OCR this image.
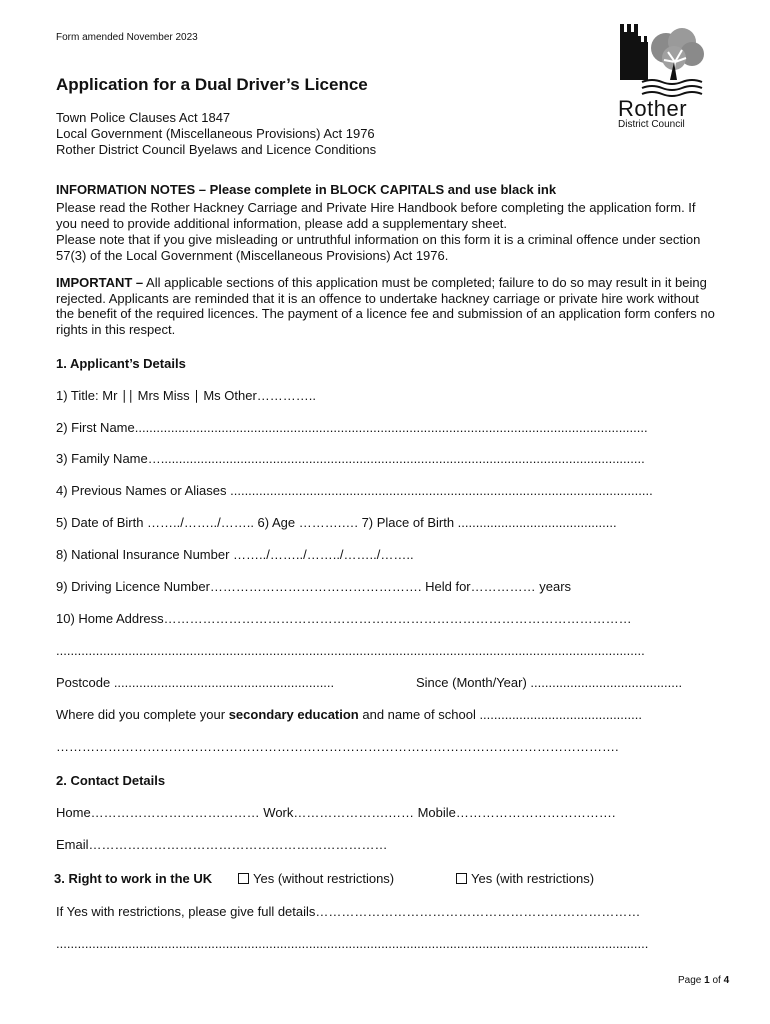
Form amended November 2023
Rother
District Council
Application for a Dual Driver’s Licence
Town Police Clauses Act 1847
Local Government (Miscellaneous Provisions) Act 1976
Rother District Council Byelaws and Licence Conditions
INFORMATION NOTES – Please complete in BLOCK CAPITALS and use black ink
Please read the Rother Hackney Carriage and Private Hire Handbook before completing the application form. If you need to provide additional information, please add a supplementary sheet.
Please note that if you give misleading or untruthful information on this form it is a criminal offence under section 57(3) of the Local Government (Miscellaneous Provisions) Act 1976.
IMPORTANT – All applicable sections of this application must be completed; failure to do so may result in it being rejected. Applicants are reminded that it is an offence to undertake hackney carriage or private hire work without the benefit of the required licences. The payment of a licence fee and submission of an application form confers no rights in this respect.
1. Applicant’s Details
1) Title: Mr ∣∣ Mrs Miss ∣ Ms Other…………..
2) First Name..............................................................................................................................................
3) Family Name…......................................................................................................................................
4) Previous Names or Aliases .....................................................................................................................
5) Date of Birth ……../……../…….. 6) Age ……….…. 7) Place of Birth ............................................
8) National Insurance Number ……../……../……../……../……..
9) Driving Licence Number…………………………………………. Held for…………… years
10) Home Address………………………………………………………………………………………………
...................................................................................................................................................................
Postcode .............................................................	Since (Month/Year) ..........................................
Where did you complete your secondary education and name of school .............................................
………………………………………………………………………………………………………………….
2. Contact Details
Home………………………………… Work………………….…… Mobile……………………………….
Email……………………………………………………………
3. Right to work in the UK	Yes (without restrictions)	Yes (with restrictions)
If Yes with restrictions, please give full details…………………………………………………………………
....................................................................................................................................................................
Page 1 of 4
